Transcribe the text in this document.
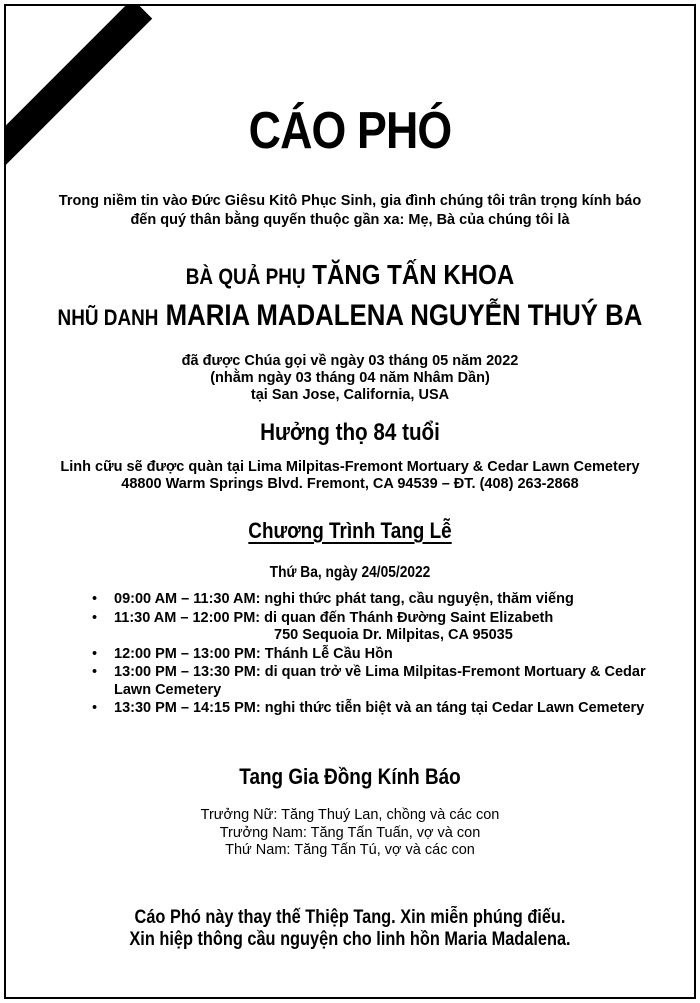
CÁO PHÓ
Trong niềm tin vào Đức Giêsu Kitô Phục Sinh, gia đình chúng tôi trân trọng kính báo
đến quý thân bằng quyến thuộc gần xa: Mẹ, Bà của chúng tôi là
BÀ QUẢ PHỤ TĂNG TẤN KHOA
NHŨ DANH MARIA MADALENA NGUYỄN THUÝ BA
đã được Chúa gọi về ngày 03 tháng 05 năm 2022
(nhằm ngày 03 tháng 04 năm Nhâm Dần)
tại San Jose, California, USA
Hưởng thọ 84 tuổi
Linh cữu sẽ được quàn tại Lima Milpitas-Fremont Mortuary & Cedar Lawn Cemetery
48800 Warm Springs Blvd. Fremont, CA 94539 – ĐT. (408) 263-2868
Chương Trình Tang Lễ
Thứ Ba, ngày 24/05/2022
• 09:00 AM – 11:30 AM: nghi thức phát tang, cầu nguyện, thăm viếng
• 11:30 AM – 12:00 PM: di quan đến Thánh Đường Saint Elizabeth
750 Sequoia Dr. Milpitas, CA 95035
• 12:00 PM – 13:00 PM: Thánh Lễ Cầu Hồn
• 13:00 PM – 13:30 PM: di quan trở về Lima Milpitas-Fremont Mortuary & Cedar Lawn Cemetery
• 13:30 PM – 14:15 PM: nghi thức tiễn biệt và an táng tại Cedar Lawn Cemetery
Tang Gia Đồng Kính Báo
Trưởng Nữ: Tăng Thuý Lan, chồng và các con
Trưởng Nam: Tăng Tấn Tuấn, vợ và con
Thứ Nam: Tăng Tấn Tú, vợ và các con
Cáo Phó này thay thế Thiệp Tang. Xin miễn phúng điếu.
Xin hiệp thông cầu nguyện cho linh hồn Maria Madalena.
